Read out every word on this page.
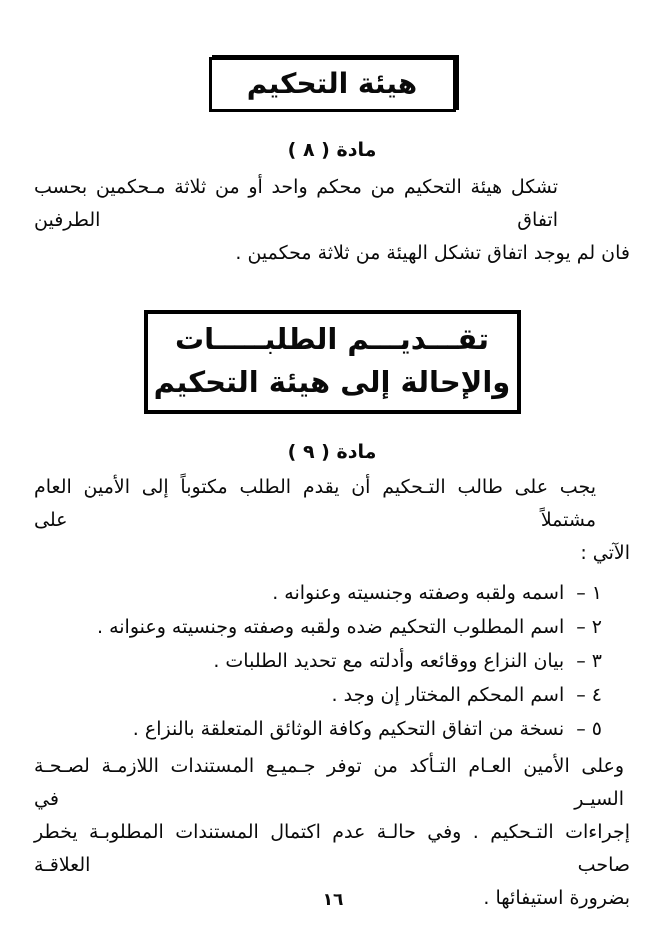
هيئة التحكيم
مادة ( ٨ )
تشكل هيئة التحكيم من محكم واحد أو من ثلاثة مـحكمين بحسب اتفاق الطرفين
فان لم يوجد اتفاق تشكل الهيئة من ثلاثة محكمين .
تقـــديـــم الطلبـــــات
والإحالة إلى هيئة التحكيم
مادة ( ٩ )
يجب على طالب التـحكيم أن يقدم الطلب مكتوباً إلى الأمين العام مشتملاً على
الآتي :
١ –
اسمه ولقبه وصفته وجنسيته وعنوانه .
٢ –
اسم المطلوب التحكيم ضده ولقبه وصفته وجنسيته وعنوانه .
٣ –
بيان النزاع ووقائعه وأدلته مع تحديد الطلبات .
٤ –
اسم المحكم المختار إن وجد .
٥ –
نسخة من اتفاق التحكيم وكافة الوثائق المتعلقة بالنزاع .
وعلى الأمين العـام التـأكد من توفر جـميـع المستندات اللازمـة لصـحـة السيـر في
إجراءات التـحكيم . وفي حالـة عدم اكتمال المستندات المطلوبـة يخطر صاحب العلاقـة
بضرورة استيفائها .
١٦
